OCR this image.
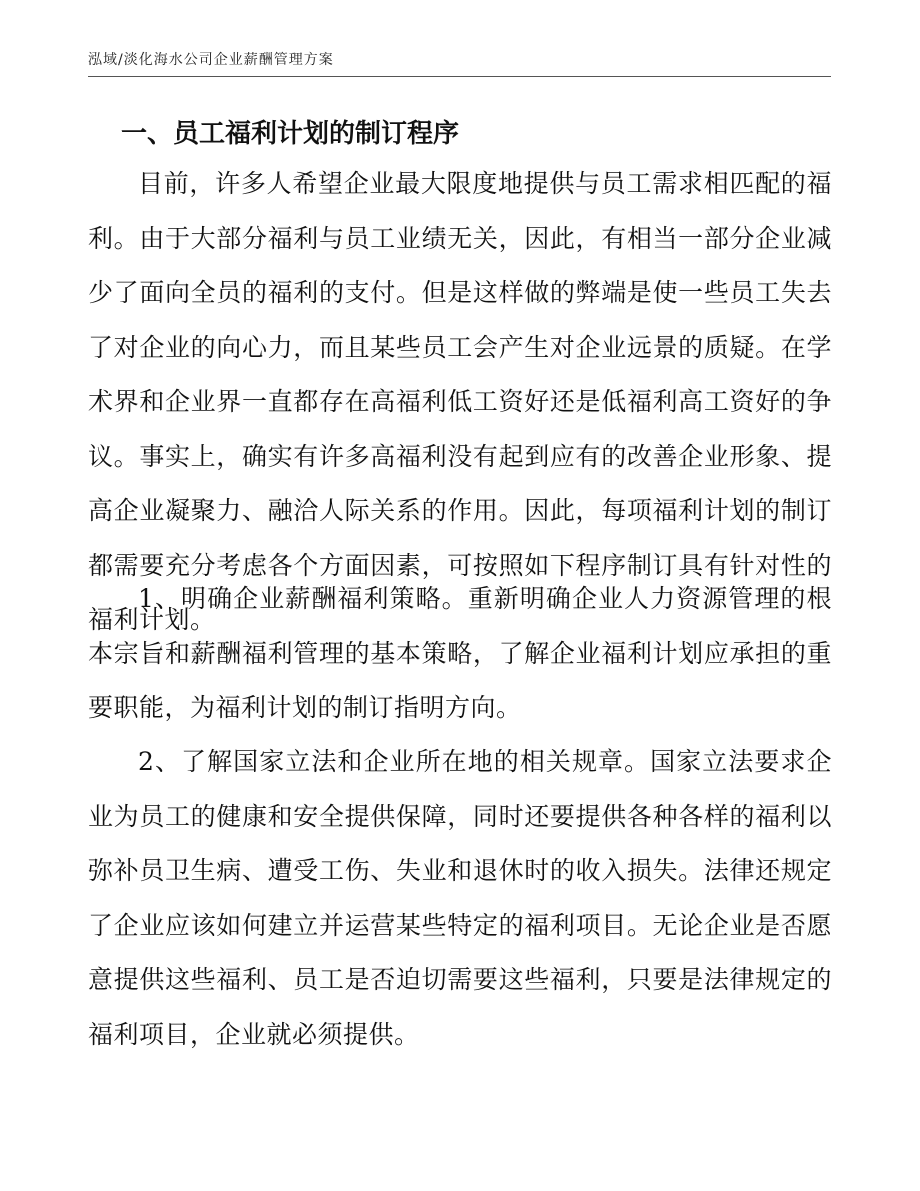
泓域/淡化海水公司企业薪酬管理方案
一、员工福利计划的制订程序

目前，许多人希望企业最大限度地提供与员工需求相匹配的福利。由于大部分福利与员工业绩无关，因此，有相当一部分企业减少了面向全员的福利的支付。但是这样做的弊端是使一些员工失去了对企业的向心力，而且某些员工会产生对企业远景的质疑。在学术界和企业界一直都存在高福利低工资好还是低福利高工资好的争议。事实上，确实有许多高福利没有起到应有的改善企业形象、提高企业凝聚力、融洽人际关系的作用。因此，每项福利计划的制订都需要充分考虑各个方面因素，可按照如下程序制订具有针对性的福利计划。

1、明确企业薪酬福利策略。重新明确企业人力资源管理的根本宗旨和薪酬福利管理的基本策略，了解企业福利计划应承担的重要职能，为福利计划的制订指明方向。

2、了解国家立法和企业所在地的相关规章。国家立法要求企业为员工的健康和安全提供保障，同时还要提供各种各样的福利以弥补员卫生病、遭受工伤、失业和退休时的收入损失。法律还规定了企业应该如何建立并运营某些特定的福利项目。无论企业是否愿意提供这些福利、员工是否迫切需要这些福利，只要是法律规定的福利项目，企业就必须提供。
